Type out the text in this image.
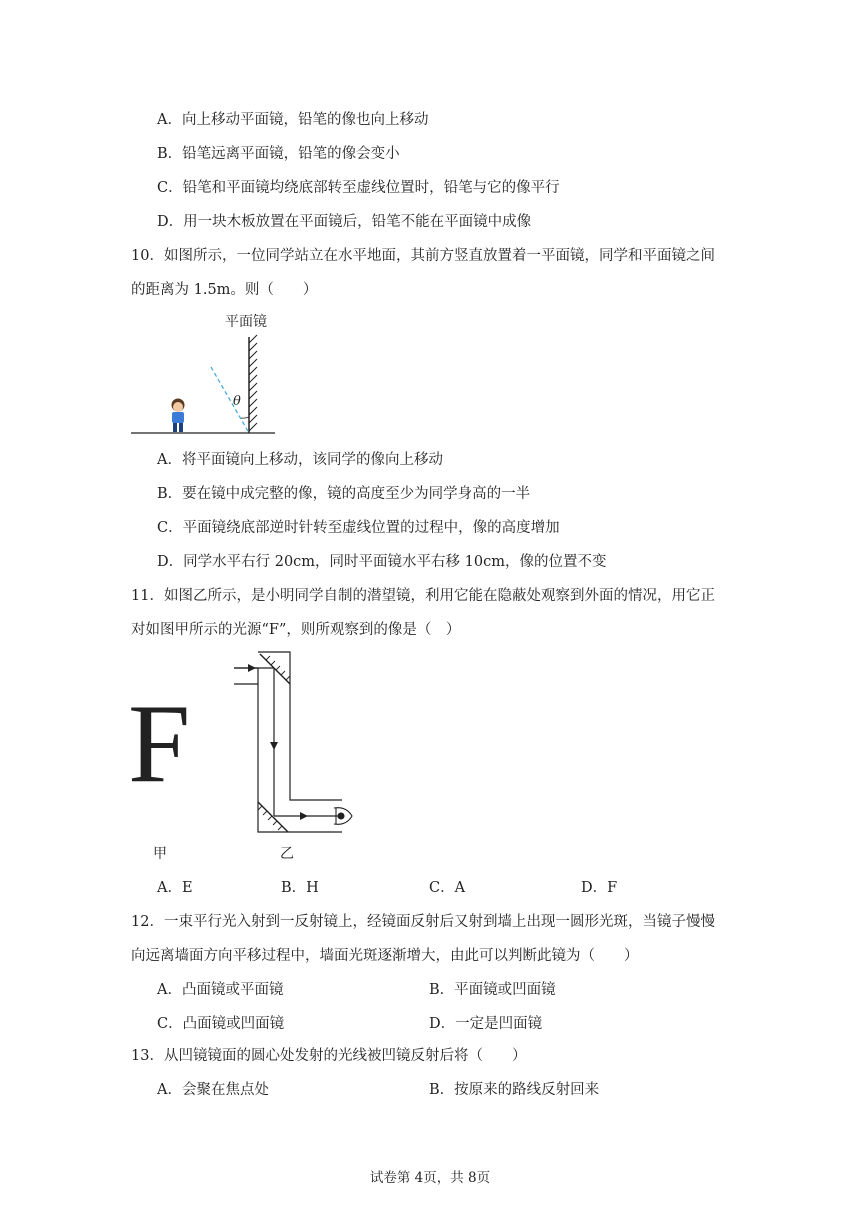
A．向上移动平面镜，铅笔的像也向上移动
B．铅笔远离平面镜，铅笔的像会变小
C．铅笔和平面镜均绕底部转至虚线位置时，铅笔与它的像平行
D．用一块木板放置在平面镜后，铅笔不能在平面镜中成像
10．如图所示，一位同学站立在水平地面，其前方竖直放置着一平面镜，同学和平面镜之间
的距离为 1.5m。则（　　）
平面镜
θ
A．将平面镜向上移动，该同学的像向上移动
B．要在镜中成完整的像，镜的高度至少为同学身高的一半
C．平面镜绕底部逆时针转至虚线位置的过程中，像的高度增加
D．同学水平右行 20cm，同时平面镜水平右移 10cm，像的位置不变
11．如图乙所示，是小明同学自制的潜望镜，利用它能在隐蔽处观察到外面的情况，用它正
对如图甲所示的光源“F”，则所观察到的像是（　）
F
甲	乙
A．E	B．H	C．A	D．F
12．一束平行光入射到一反射镜上，经镜面反射后又射到墙上出现一圆形光斑，当镜子慢慢
向远离墙面方向平移过程中，墙面光斑逐渐增大，由此可以判断此镜为（　　）
A．凸面镜或平面镜	B．平面镜或凹面镜
C．凸面镜或凹面镜	D．一定是凹面镜
13．从凹镜镜面的圆心处发射的光线被凹镜反射后将（　　）
A．会聚在焦点处	B．按原来的路线反射回来
试卷第 4页，共 8页
